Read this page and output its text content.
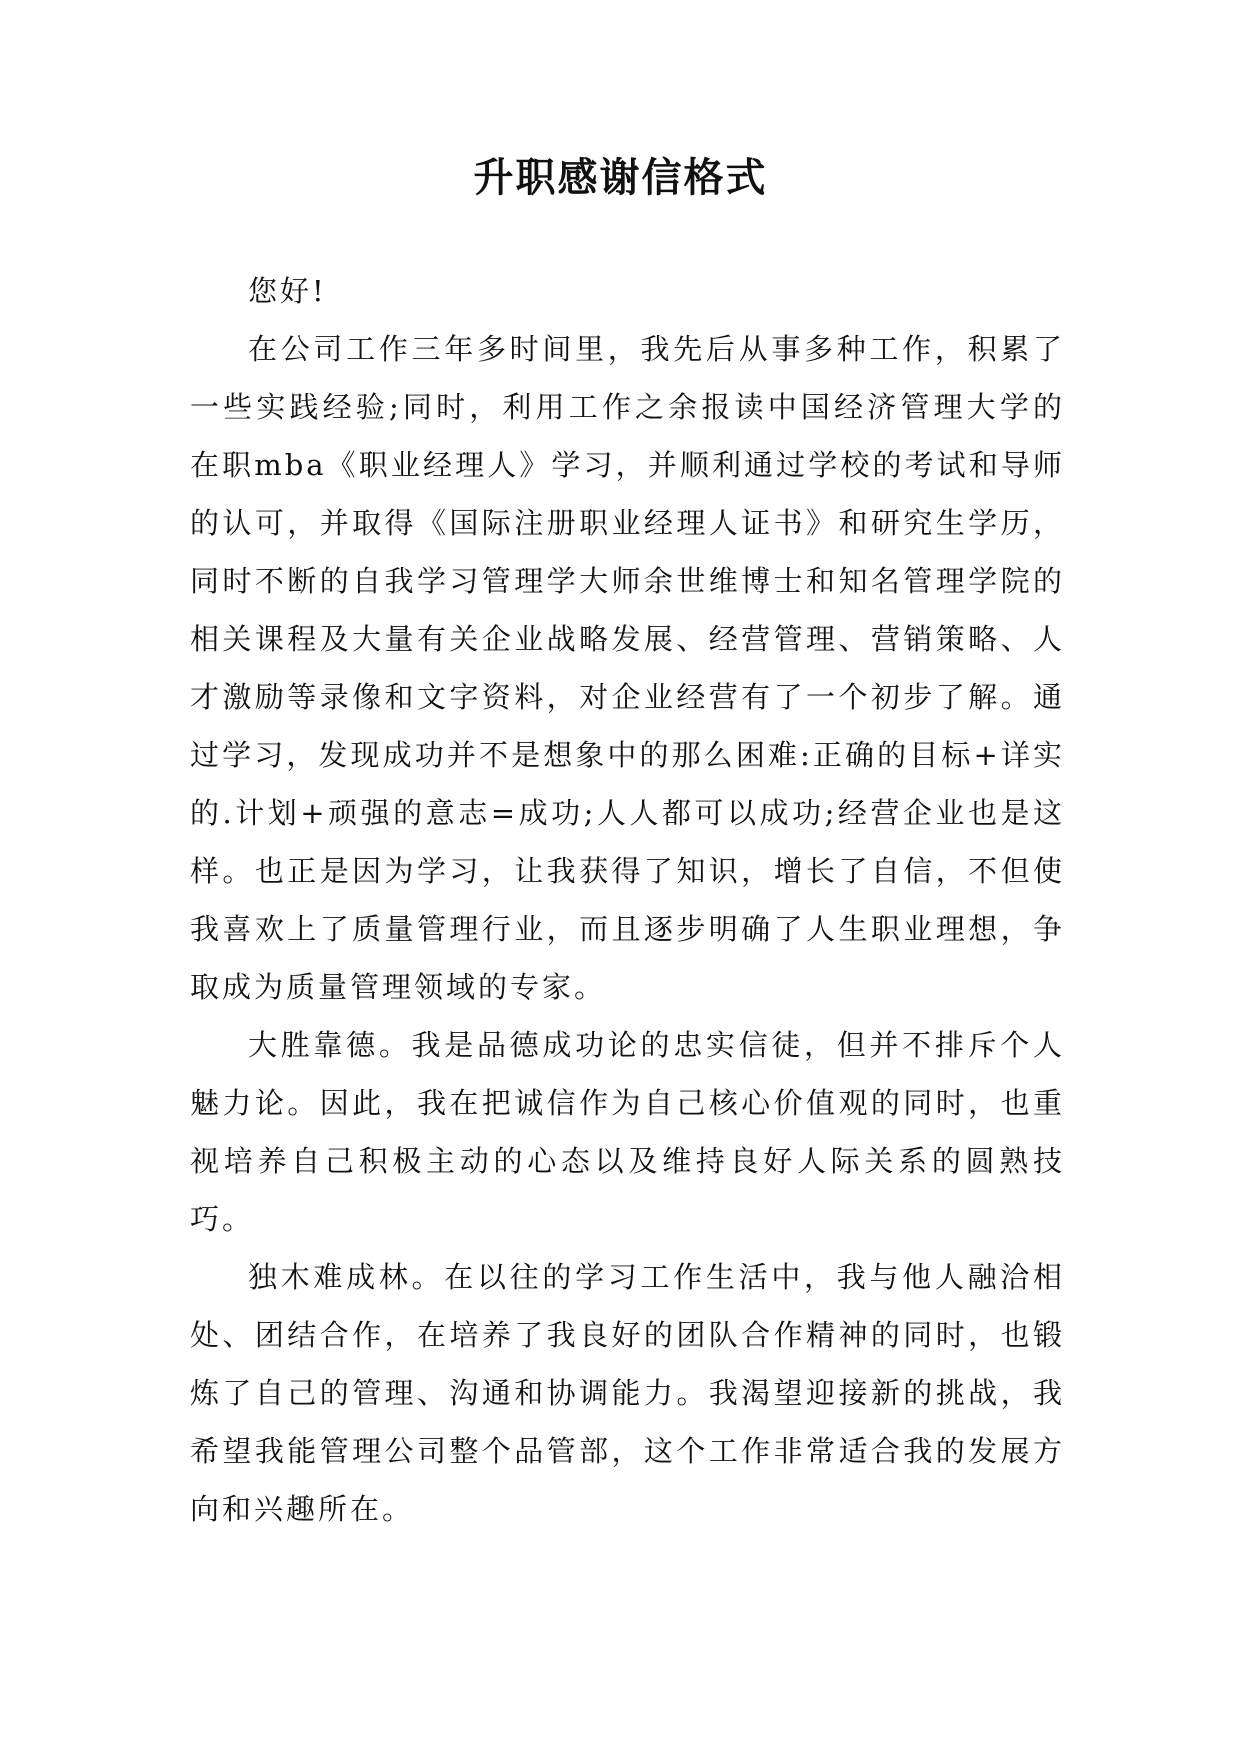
升职感谢信格式

您好!

在公司工作三年多时间里，我先后从事多种工作，积累了一些实践经验;同时，利用工作之余报读中国经济管理大学的在职mba《职业经理人》学习，并顺利通过学校的考试和导师的认可，并取得《国际注册职业经理人证书》和研究生学历，同时不断的自我学习管理学大师余世维博士和知名管理学院的相关课程及大量有关企业战略发展、经营管理、营销策略、人才激励等录像和文字资料，对企业经营有了一个初步了解。通过学习，发现成功并不是想象中的那么困难:正确的目标+详实的.计划+顽强的意志=成功;人人都可以成功;经营企业也是这样。也正是因为学习，让我获得了知识，增长了自信，不但使我喜欢上了质量管理行业，而且逐步明确了人生职业理想，争取成为质量管理领域的专家。

大胜靠德。我是品德成功论的忠实信徒，但并不排斥个人魅力论。因此，我在把诚信作为自己核心价值观的同时，也重视培养自己积极主动的心态以及维持良好人际关系的圆熟技巧。

独木难成林。在以往的学习工作生活中，我与他人融洽相处、团结合作，在培养了我良好的团队合作精神的同时，也锻炼了自己的管理、沟通和协调能力。我渴望迎接新的挑战，我希望我能管理公司整个品管部，这个工作非常适合我的发展方向和兴趣所在。
